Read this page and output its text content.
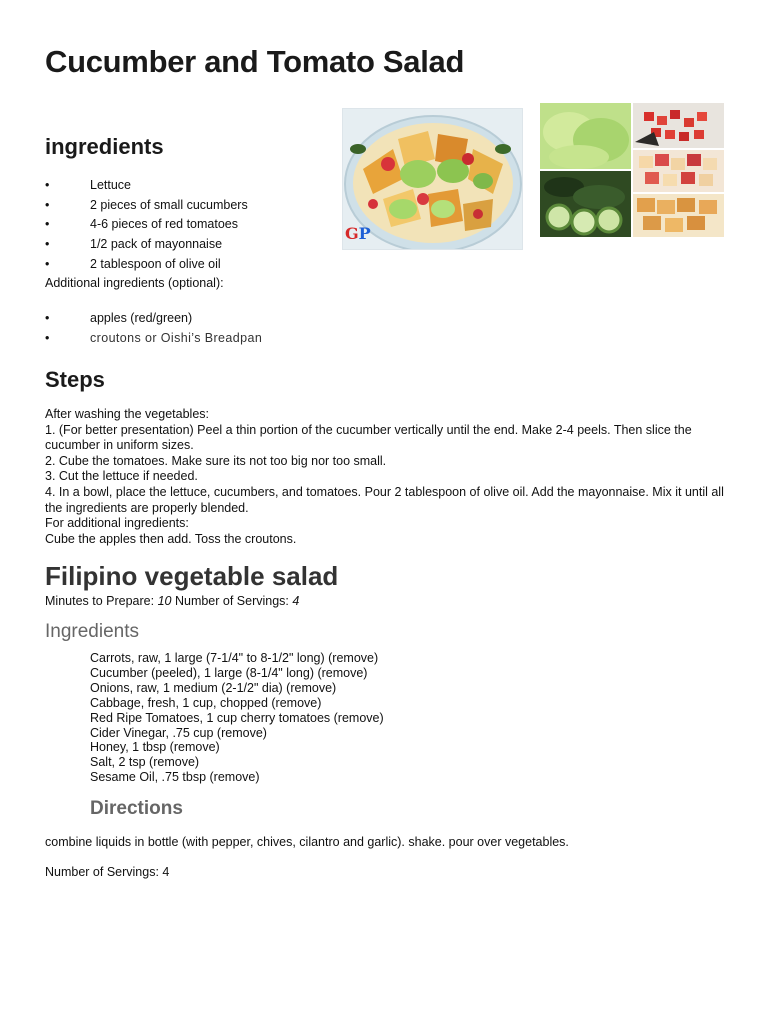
Cucumber and Tomato Salad
ingredients
•	Lettuce
•	2 pieces of small cucumbers
•	4-6 pieces of red tomatoes
•	1/2 pack of mayonnaise
•	2 tablespoon of olive oil
Additional ingredients (optional):
•	apples (red/green)
•	croutons or Oishi’s Breadpan
GP
Steps
After washing the vegetables:
1. (For better presentation) Peel a thin portion of the cucumber vertically until the end. Make 2-4 peels. Then slice the cucumber in uniform sizes.
2. Cube the tomatoes. Make sure its not too big nor too small.
3. Cut the lettuce if needed.
4. In a bowl, place the lettuce, cucumbers, and tomatoes. Pour 2 tablespoon of olive oil. Add the mayonnaise. Mix it until all the ingredients are properly blended.
For additional ingredients:
Cube the apples then add. Toss the croutons.
Filipino vegetable salad
Minutes to Prepare: 10 Number of Servings: 4
Ingredients
Carrots, raw, 1 large (7-1/4" to 8-1/2" long) (remove)
Cucumber (peeled), 1 large (8-1/4" long) (remove)
Onions, raw, 1 medium (2-1/2" dia) (remove)
Cabbage, fresh, 1 cup, chopped (remove)
Red Ripe Tomatoes, 1 cup cherry tomatoes (remove)
Cider Vinegar, .75 cup (remove)
Honey, 1 tbsp (remove)
Salt, 2 tsp (remove)
Sesame Oil, .75 tbsp (remove)
Directions
combine liquids in bottle (with pepper, chives, cilantro and garlic). shake. pour over vegetables.
Number of Servings: 4
